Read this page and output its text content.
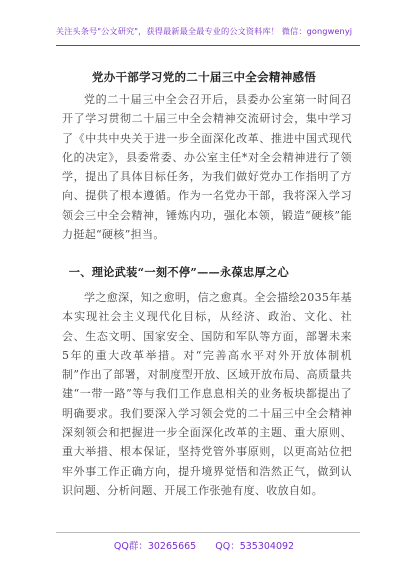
关注头条号"公文研究"，获得最新最全最专业的公文资料库！ 微信：gongwenyj
党办干部学习党的二十届三中全会精神感悟

党的二十届三中全会召开后，县委办公室第一时间召开了学习贯彻二十届三中全会精神交流研讨会，集中学习了《中共中央关于进一步全面深化改革、推进中国式现代化的决定》，县委常委、办公室主任*对全会精神进行了领学，提出了具体目标任务，为我们做好党办工作指明了方向、提供了根本遵循。作为一名党办干部，我将深入学习领会三中全会精神，锤炼内功，强化本领，锻造“硬核”能力挺起“硬核”担当。

一、理论武装“一刻不停”——永葆忠厚之心

学之愈深，知之愈明，信之愈真。全会描绘2035年基本实现社会主义现代化目标，从经济、政治、文化、社会、生态文明、国家安全、国防和军队等方面，部署未来5年的重大改革举措。对“完善高水平对外开放体制机制”作出了部署，对制度型开放、区域开放布局、高质量共建“一带一路”等与我们工作息息相关的业务板块都提出了明确要求。我们要深入学习领会党的二十届三中全会精神深刻领会和把握进一步全面深化改革的主题、重大原则、重大举措、根本保证，坚持党管外事原则，以更高站位把牢外事工作正确方向，提升境界觉悟和浩然正气，做到认识问题、分析问题、开展工作张弛有度、收放自如。

QQ群：30265665 QQ：535304092
